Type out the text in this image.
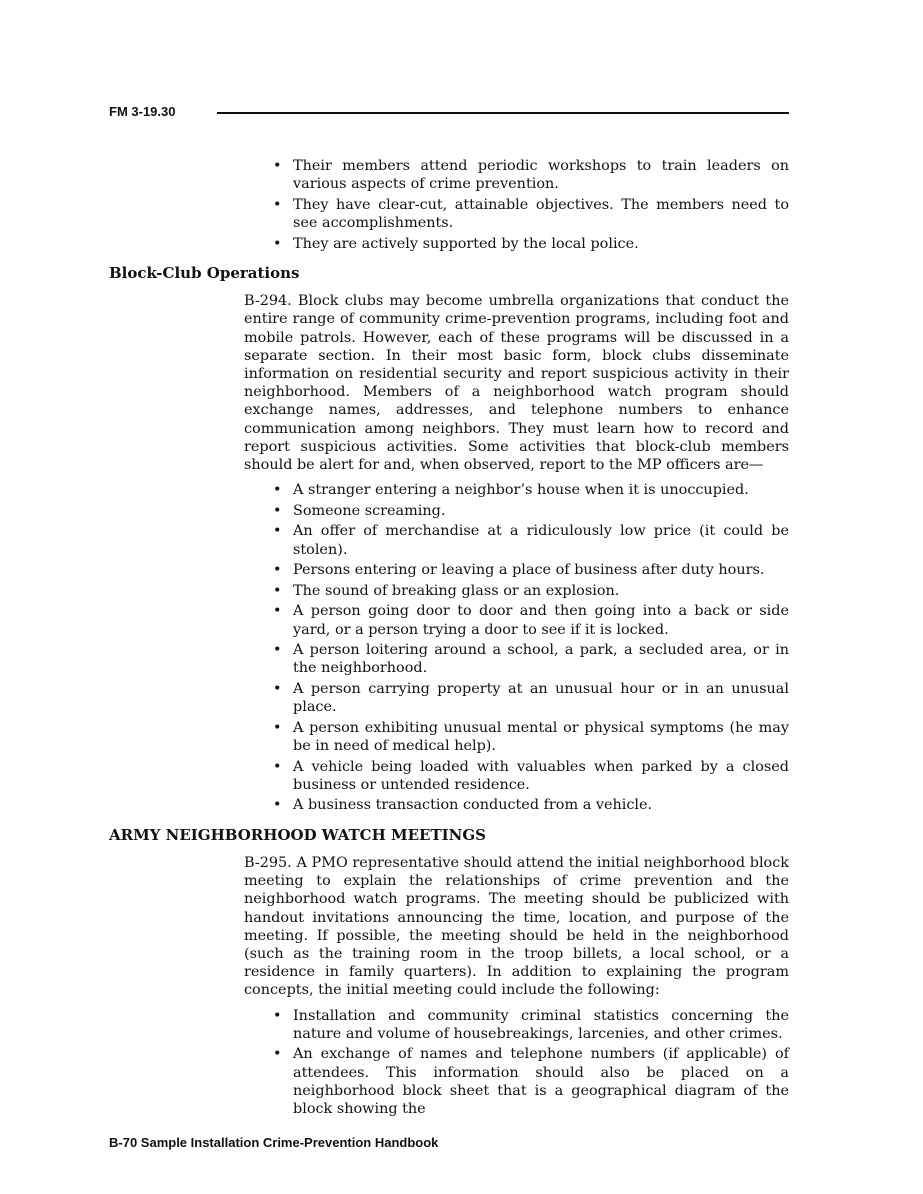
FM 3-19.30
• Their members attend periodic workshops to train leaders on various aspects of crime prevention.
• They have clear-cut, attainable objectives. The members need to see accomplishments.
• They are actively supported by the local police.
Block-Club Operations

B-294. Block clubs may become umbrella organizations that conduct the entire range of community crime-prevention programs, including foot and mobile patrols. However, each of these programs will be discussed in a separate section. In their most basic form, block clubs disseminate information on residential security and report suspicious activity in their neighborhood. Members of a neighborhood watch program should exchange names, addresses, and telephone numbers to enhance communication among neighbors. They must learn how to record and report suspicious activities. Some activities that block-club members should be alert for and, when observed, report to the MP officers are—

• A stranger entering a neighbor’s house when it is unoccupied.
• Someone screaming.
• An offer of merchandise at a ridiculously low price (it could be stolen).
• Persons entering or leaving a place of business after duty hours.
• The sound of breaking glass or an explosion.
• A person going door to door and then going into a back or side yard, or a person trying a door to see if it is locked.
• A person loitering around a school, a park, a secluded area, or in the neighborhood.
• A person carrying property at an unusual hour or in an unusual place.
• A person exhibiting unusual mental or physical symptoms (he may be in need of medical help).
• A vehicle being loaded with valuables when parked by a closed business or untended residence.
• A business transaction conducted from a vehicle.
ARMY NEIGHBORHOOD WATCH MEETINGS

B-295. A PMO representative should attend the initial neighborhood block meeting to explain the relationships of crime prevention and the neighborhood watch programs. The meeting should be publicized with handout invitations announcing the time, location, and purpose of the meeting. If possible, the meeting should be held in the neighborhood (such as the training room in the troop billets, a local school, or a residence in family quarters). In addition to explaining the program concepts, the initial meeting could include the following:

• Installation and community criminal statistics concerning the nature and volume of housebreakings, larcenies, and other crimes.
• An exchange of names and telephone numbers (if applicable) of attendees. This information should also be placed on a neighborhood block sheet that is a geographical diagram of the block showing the
B-70 Sample Installation Crime-Prevention Handbook
